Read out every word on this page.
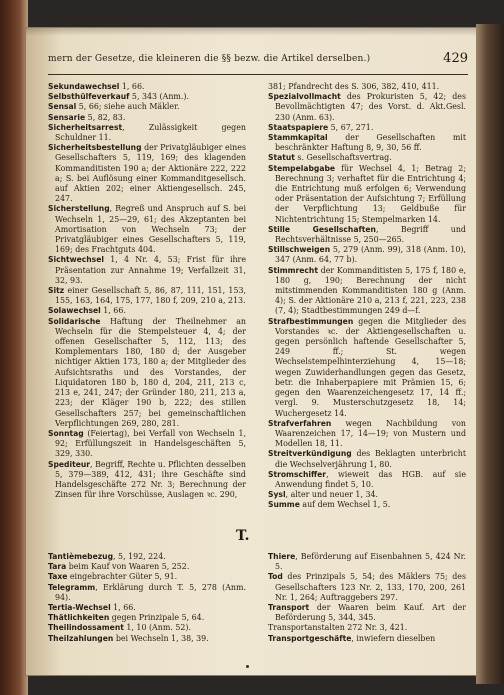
mern der Gesetze, die kleineren die §§ bezw. die Artikel derselben.)	429

Sekundawechsel 1, 66.

Selbsthülfeverkauf 5, 343 (Anm.).

Sensal 5, 66; siehe auch Mäkler.

Sensarie 5, 82, 83.

Sicherheitsarrest, Zulässigkeit gegen Schuldner 11.

Sicherheitsbestellung der Privatgläubiger eines Gesellschafters 5, 119, 169; des klagenden Kommanditisten 190 a; der Aktionäre 222, 222 a; S. bei Auflösung einer Kommanditgesellsch. auf Aktien 202; einer Aktiengesellsch. 245, 247.

Sicherstellung, Regreß und Anspruch auf S. bei Wechseln 1, 25—29, 61; des Akzeptanten bei Amortisation von Wechseln 73; der Privatgläubiger eines Gesellschafters 5, 119, 169; des Frachtguts 404.

Sichtwechsel 1, 4 Nr. 4, 53; Frist für ihre Präsentation zur Annahme 19; Verfallzeit 31, 32, 93.

Sitz einer Gesellschaft 5, 86, 87, 111, 151, 153, 155, 163, 164, 175, 177, 180 f, 209, 210 a, 213.

Solawechsel 1, 66.

Solidarische Haftung der Theilnehmer an Wechseln für die Stempelsteuer 4, 4; der offenen Gesellschafter 5, 112, 113; des Komplementars 180, 180 d; der Ausgeber nichtiger Aktien 173, 180 a; der Mitglieder des Aufsichtsraths und des Vorstandes, der Liquidatoren 180 b, 180 d, 204, 211, 213 c, 213 e, 241, 247; der Gründer 180, 211, 213 a, 223; der Kläger 190 b, 222; des stillen Gesellschafters 257; bei gemeinschaftlichen Verpflichtungen 269, 280, 281.

Sonntag (Feiertag), bei Verfall von Wechseln 1, 92; Erfüllungszeit in Handelsgeschäften 5, 329, 330.

Spediteur, Begriff, Rechte u. Pflichten desselben 5, 379—389, 412, 431; ihre Geschäfte sind Handelsgeschäfte 272 Nr. 3; Berechnung der Zinsen für ihre Vorschüsse, Auslagen ꝛc. 290,

381; Pfandrecht des S. 306, 382, 410, 411.

Spezialvollmacht des Prokuristen 5, 42; des Bevollmächtigten 47; des Vorst. d. Akt.Gesl. 230 (Anm. 63).

Staatspapiere 5, 67, 271.

Stammkapital der Gesellschaften mit beschränkter Haftung 8, 9, 30, 56 ff.

Statut s. Gesellschaftsvertrag.

Stempelabgabe für Wechsel 4, 1; Betrag 2; Berechnung 3; verhaftet für die Entrichtung 4; die Entrichtung muß erfolgen 6; Verwendung oder Präsentation der Aufsichtung 7; Erfüllung der Verpflichtung 13; Geldbuße für Nichtentrichtung 15; Stempelmarken 14.

Stille Gesellschaften, Begriff und Rechtsverhältnisse 5, 250—265.

Stillschweigen 5, 279 (Anm. 99), 318 (Anm. 10), 347 (Anm. 64, 77 b).

Stimmrecht der Kommanditisten 5, 175 f, 180 e, 180 g, 190; Berechnung der nicht mitstimmenden Kommanditisten 180 g (Anm. 4); S. der Aktionäre 210 a, 213 f, 221, 223, 238 (7, 4); Stadtbestimmungen 249 d—f.

Strafbestimmungen gegen die Mitglieder des Vorstandes ꝛc. der Aktiengesellschaften u. gegen persönlich haftende Gesellschafter 5, 249 ff.; St. wegen Wechselstempelhinterziehung 4, 15—18; wegen Zuwiderhandlungen gegen das Gesetz, betr. die Inhaberpapiere mit Prämien 15, 6; gegen den Waarenzeichengesetz 17, 14 ff.; vergl. 9. Musterschutzgesetz 18, 14; Wuchergesetz 14.

Strafverfahren wegen Nachbildung von Waarenzeichen 17, 14—19; von Mustern und Modellen 18, 11.

Streitverkündigung des Beklagten unterbricht die Wechselverjährung 1, 80.

Stromschiffer, wieweit das HGB. auf sie Anwendung findet 5, 10.

Sysl, alter und neuer 1, 34.

Summe auf dem Wechsel 1, 5.

T.

Tantièmebezug, 5, 192, 224.

Tara beim Kauf von Waaren 5, 252.

Taxe eingebrachter Güter 5, 91.

Telegramm, Erklärung durch T. 5, 278 (Anm. 94).

Tertia-Wechsel 1, 66.

Thätlichkeiten gegen Prinzipale 5, 64.

Theilindossament 1, 10 (Anm. 52).

Theilzahlungen bei Wechseln 1, 38, 39.

Thiere, Beförderung auf Eisenbahnen 5, 424 Nr. 5.

Tod des Prinzipals 5, 54; des Mäklers 75; des Gesellschafters 123 Nr. 2, 133, 170, 200, 261 Nr. 1, 264; Auftraggebers 297.

Transport der Waaren beim Kauf. Art der Beförderung 5, 344, 345.

Transportanstalten 272 Nr. 3, 421.

Transportgeschäfte, inwiefern dieselben
